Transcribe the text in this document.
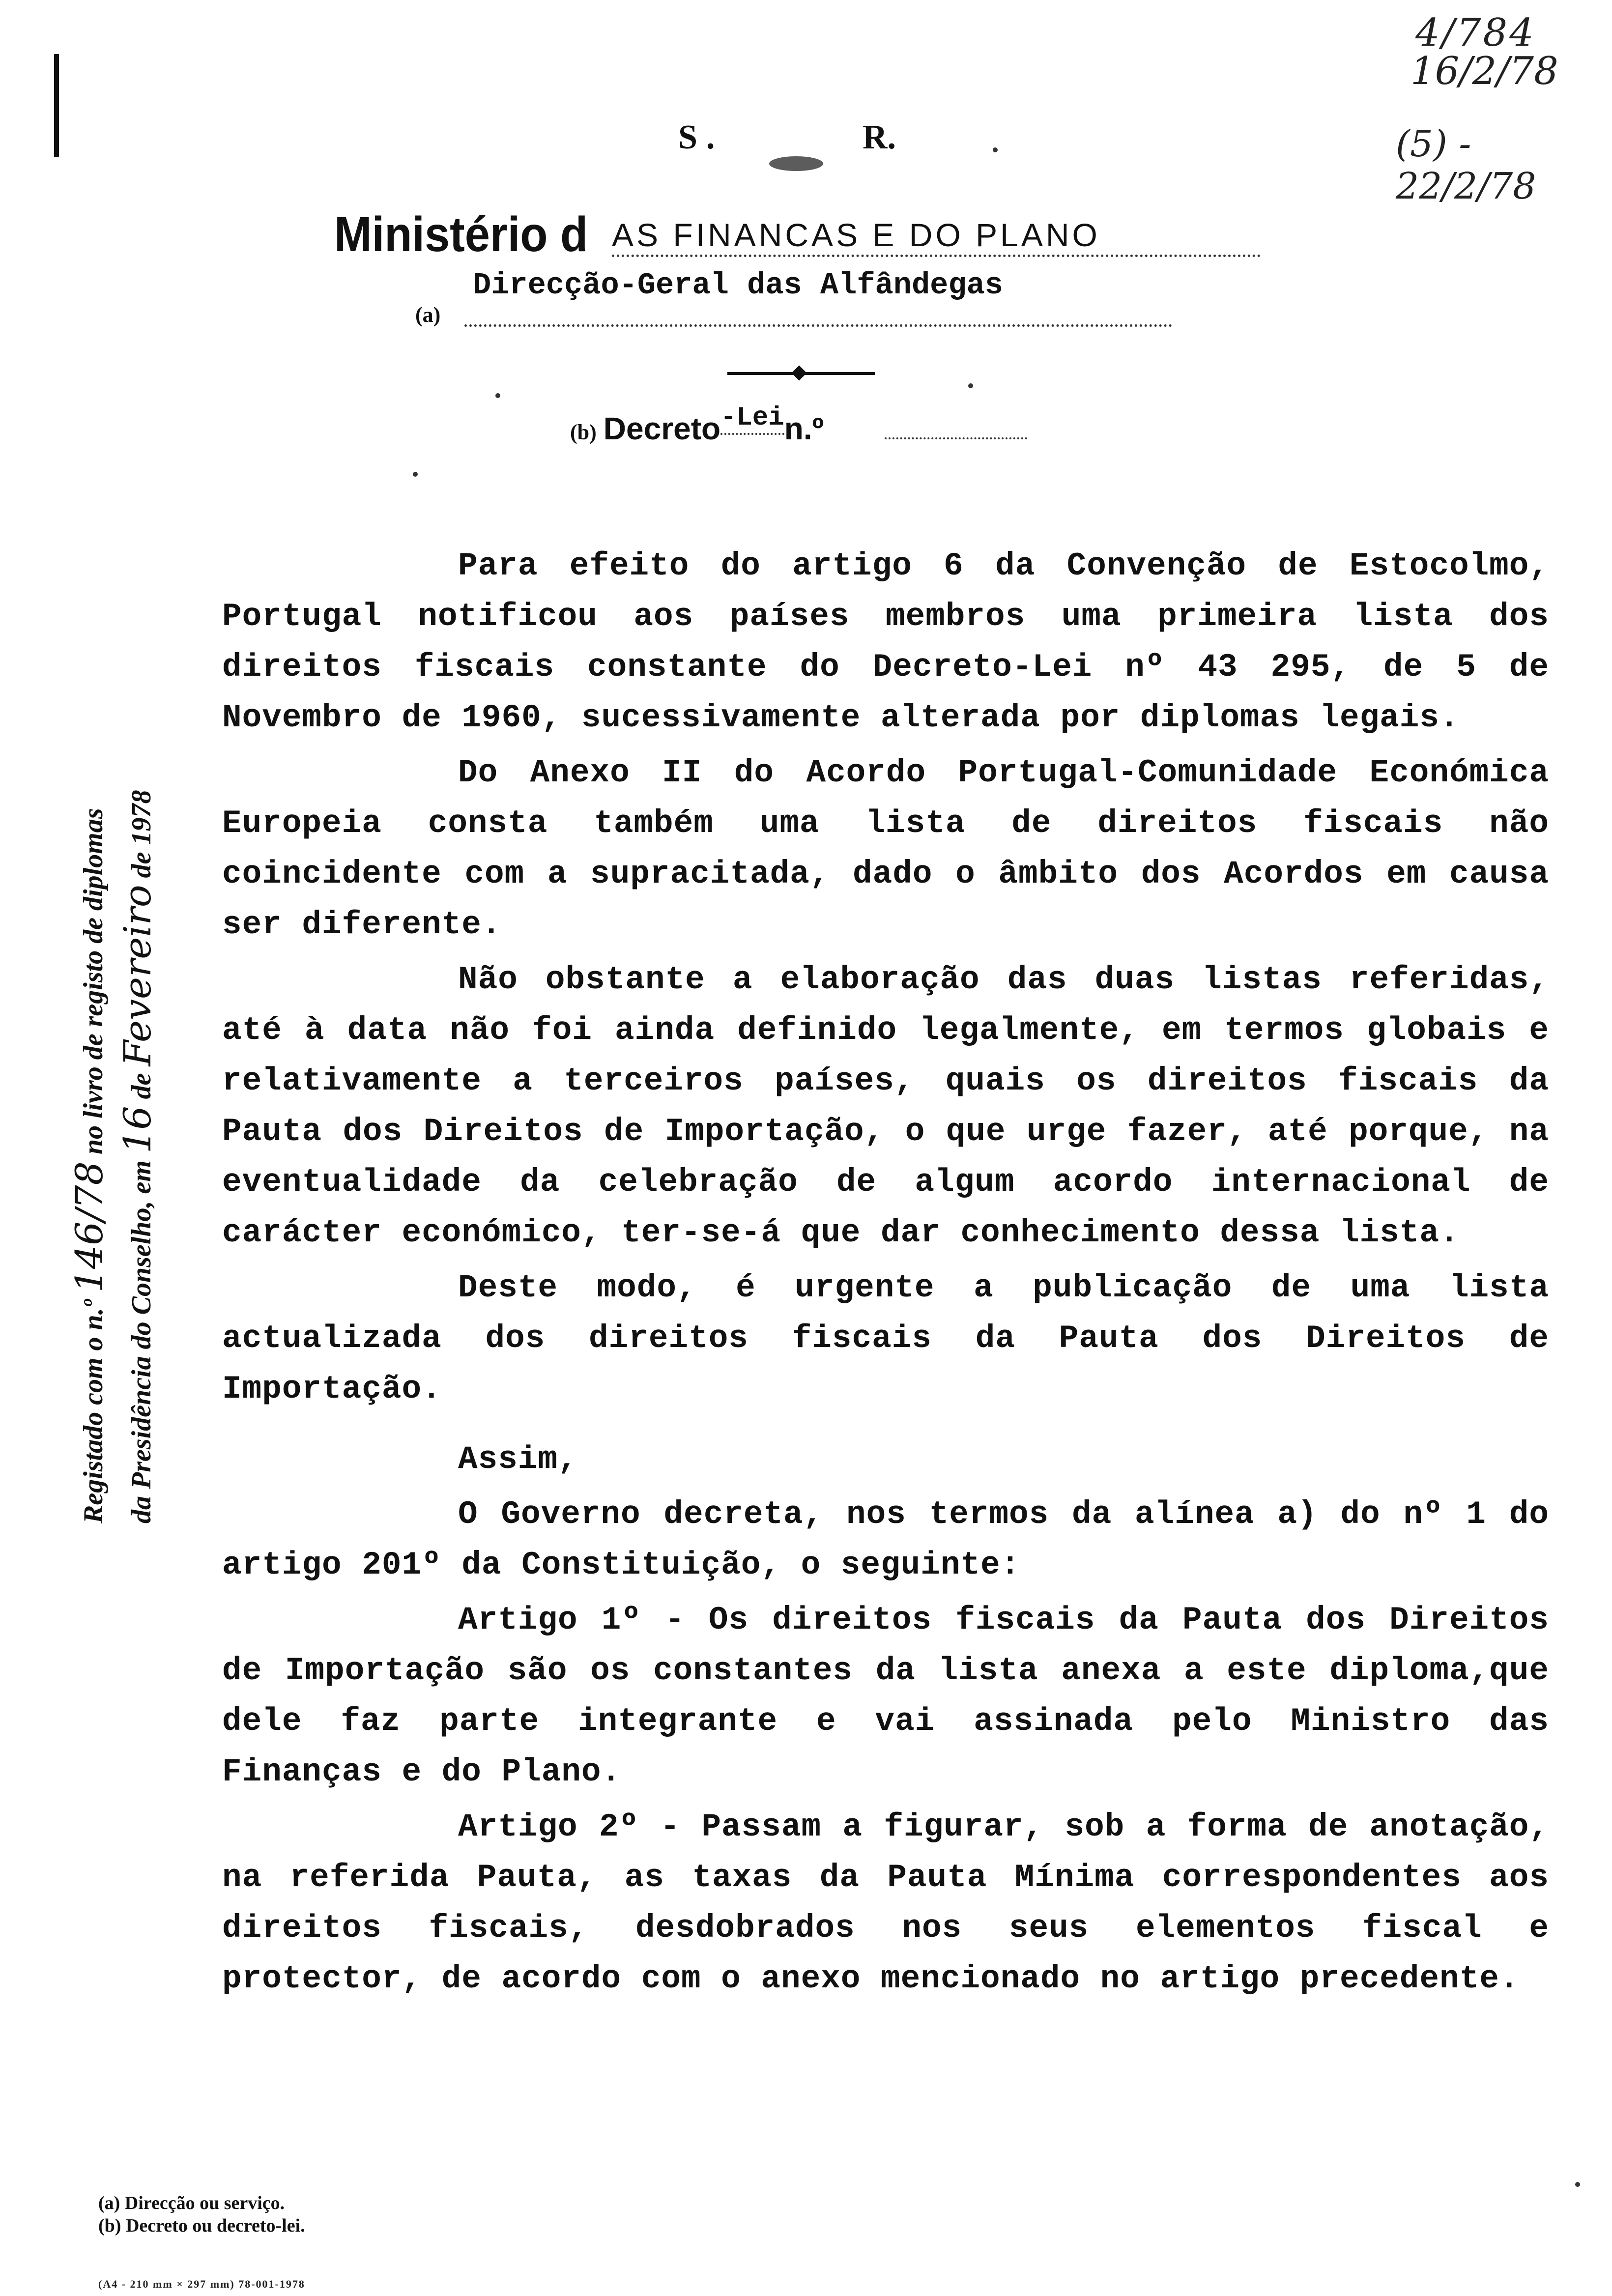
4/784
16/2/78
(5) - 22/2/78
S.	R.
Ministério d AS FINANCAS E DO PLANO
Direcção-Geral das Alfândegas
(a)
(b) Decreto$^{-Lei}$n.º

Para efeito do artigo 6 da Convenção de Estocolmo, Portugal notificou aos países membros uma primeira lista dos direitos fiscais constante do Decreto-Lei nº 43 295, de 5 de Novembro de 1960, sucessivamente alterada por diplomas legais.

Do Anexo II do Acordo Portugal-Comunidade Económica Europeia consta também uma lista de direitos fiscais não coincidente com a supracitada, dado o âmbito dos Acordos em causa ser diferente.

Não obstante a elaboração das duas listas referidas, até à data não foi ainda definido legalmente, em termos globais e relativamente a terceiros países, quais os direitos fiscais da Pauta dos Direitos de Importação, o que urge fazer, até porque, na eventualidade da celebração de algum acordo internacional de carácter económico, ter-se-á que dar conhecimento dessa lista.

Deste modo, é urgente a publicação de uma lista actualizada dos direitos fiscais da Pauta dos Direitos de Importação.

Assim,

O Governo decreta, nos termos da alínea a) do nº 1 do artigo 201º da Constituição, o seguinte:

Artigo 1º - Os direitos fiscais da Pauta dos Direitos de Importação são os constantes da lista anexa a este diploma,que dele faz parte integrante e vai assinada pelo Ministro das Finanças e do Plano.

Artigo 2º - Passam a figurar, sob a forma de anotação, na referida Pauta, as taxas da Pauta Mínima correspondentes aos direitos fiscais, desdobrados nos seus elementos fiscal e protector, de acordo com o anexo mencionado no artigo precedente.

Registado com o n.º 146/78 no livro de registo de diplomas
da Presidência do Conselho, em 16 de Fevereiro de 1978
(a) Direcção ou serviço.
(b) Decreto ou decreto-lei.
(A4 - 210 mm × 297 mm) 78-001-1978
